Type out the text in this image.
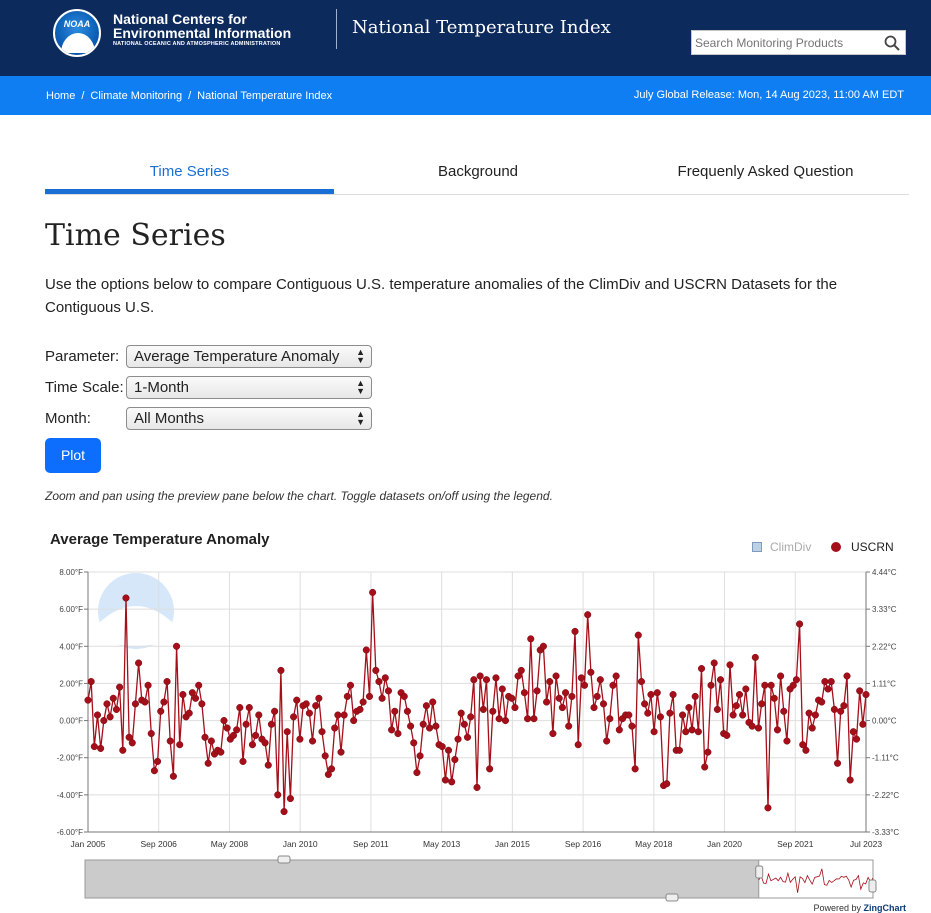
NOAA	National Centers for
Environmental Information
NATIONAL OCEANIC AND ATMOSPHERIC ADMINISTRATION
National Temperature Index
Search Monitoring Products
Home / Climate Monitoring / National Temperature Index	July Global Release: Mon, 14 Aug 2023, 11:00 AM EDT
Time Series	Background	Frequenly Asked Question
Time Series

Use the options below to compare Contiguous U.S. temperature anomalies of the ClimDiv and USCRN Datasets for the Contiguous U.S.

Parameter: Average Temperature Anomaly ▲
▼
Time Scale: 1-Month	▲
▼
Month:	All Months	▲
▼
Plot
Zoom and pan using the preview pane below the chart. Toggle datasets on/off using the legend.
Average Temperature Anomaly	ClimDiv	USCRN
8.00°F	4.44°C
6.00°F	3.33°C
4.00°F	2.22°C
2.00°F	1.11°C
0.00°F	0.00°C
-2.00°F	-1.11°C
-4.00°F	-2.22°C
-6.00°F	-3.33°C
Jan 2005	Sep 2006	May 2008	Jan 2010	Sep 2011	May 2013	Jan 2015	Sep 2016	May 2018	Jan 2020	Sep 2021	Jul 2023
Powered by ZingChart
